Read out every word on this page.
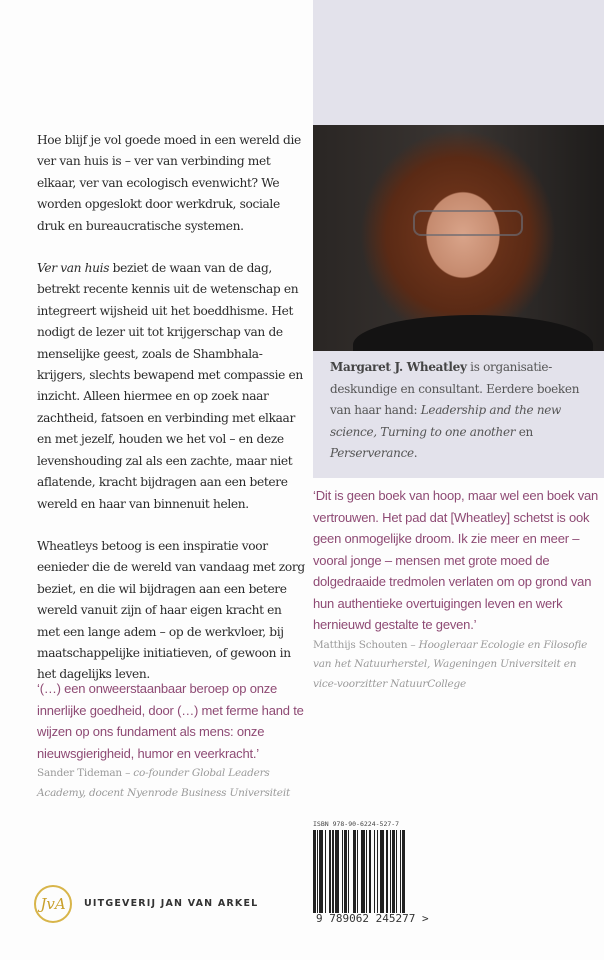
Margaret J. Wheatley is organisatie-deskundige en consultant. Eerdere boeken van haar hand: Leadership and the new science, Turning to one another en Perserverance.

Hoe blijf je vol goede moed in een wereld die ver van huis is – ver van verbinding met elkaar, ver van ecologisch evenwicht? We worden opgeslokt door werkdruk, sociale druk en bureaucratische systemen.

Ver van huis beziet de waan van de dag, betrekt recente kennis uit de wetenschap en integreert wijsheid uit het boeddhisme. Het nodigt de lezer uit tot krijgerschap van de menselijke geest, zoals de Shambhala-krijgers, slechts bewapend met compassie en inzicht. Alleen hiermee en op zoek naar zachtheid, fatsoen en verbinding met elkaar en met jezelf, houden we het vol – en deze levenshouding zal als een zachte, maar niet aflatende, kracht bijdragen aan een betere wereld en haar van binnenuit helen.

Wheatleys betoog is een inspiratie voor eenieder die de wereld van vandaag met zorg beziet, en die wil bijdragen aan een betere wereld vanuit zijn of haar eigen kracht en met een lange adem – op de werkvloer, bij maatschappelijke initiatieven, of gewoon in het dagelijks leven.

‘(…) een onweerstaanbaar beroep op onze innerlijke goedheid, door (…) met ferme hand te wijzen op ons fundament als mens: onze nieuwsgierigheid, humor en veerkracht.’
Sander Tideman – co-founder Global Leaders Academy, docent Nyenrode Business Universiteit
‘Dit is geen boek van hoop, maar wel een boek van vertrouwen. Het pad dat [Wheatley] schetst is ook geen onmogelijke droom. Ik zie meer en meer – vooral jonge – mensen met grote moed de dolgedraaide tredmolen verlaten om op grond van hun authentieke overtuigingen leven en werk hernieuwd gestalte te geven.’
Matthijs Schouten – Hoogleraar Ecologie en Filosofie van het Natuurherstel, Wageningen Universiteit en vice-voorzitter NatuurCollege
JvA	UITGEVERIJ JAN VAN ARKEL
ISBN 978-90-6224-527-7
9 789062 245277 >
